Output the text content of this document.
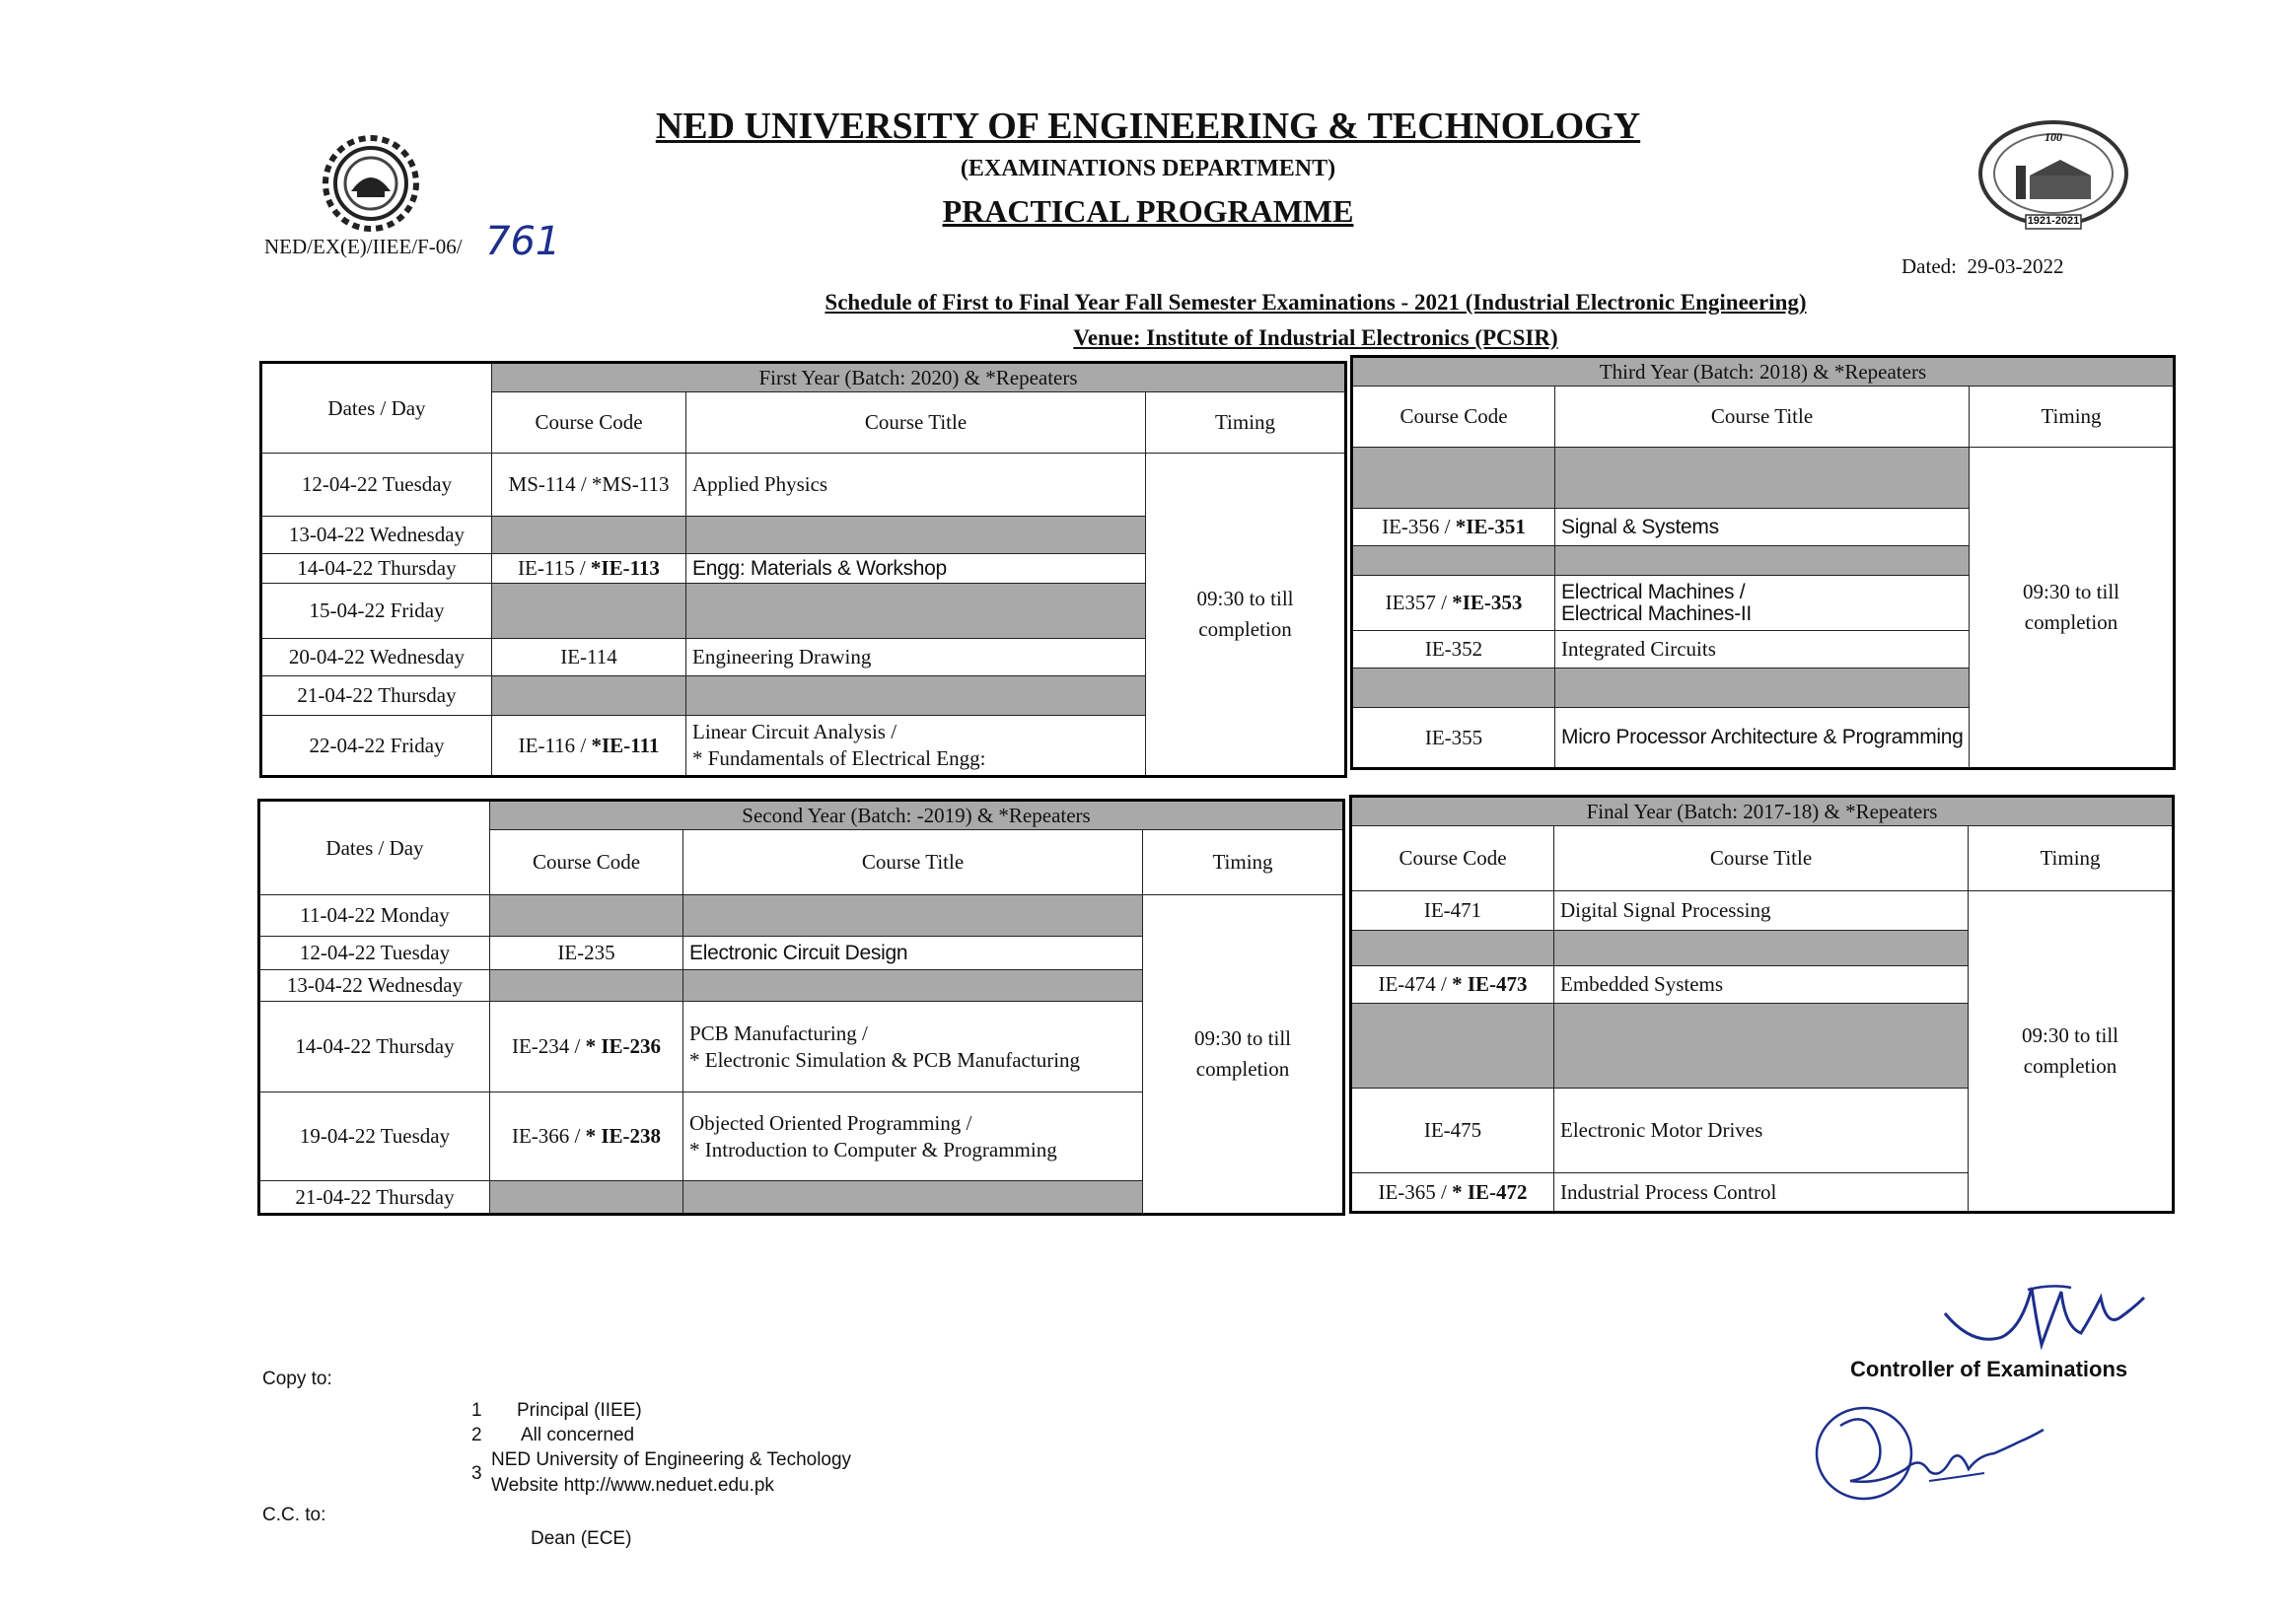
NED UNIVERSITY OF ENGINEERING & TECHNOLOGY
(EXAMINATIONS DEPARTMENT)
PRACTICAL PROGRAMME
NED/EX(E)/IIEE/F-06/ 761	1921-2021
100
Dated: 29-03-2022
Schedule of First to Final Year Fall Semester Examinations - 2021 (Industrial Electronic Engineering)
Venue: Institute of Industrial Electronics (PCSIR)
Dates / Day	First Year (Batch: 2020) & *Repeaters		
	Course Code	Course Title	Timing
12-04-22 Tuesday	MS-114 / *MS-113	Applied Physics	09:30 to till
completion
13-04-22 Wednesday			
14-04-22 Thursday	IE-115 / *IE-113	Engg: Materials & Workshop	
15-04-22 Friday			
20-04-22 Wednesday	IE-114	Engineering Drawing	
21-04-22 Thursday			
22-04-22 Friday	IE-116 / *IE-111	Linear Circuit Analysis /
* Fundamentals of Electrical Engg:	
Third Year (Batch: 2018) & *Repeaters		
Course Code	Course Title	Timing
		09:30 to till
completion
IE-356 / *IE-351	Signal & Systems	

IE357 / *IE-353	Electrical Machines /
Electrical Machines-II	
IE-352	Integrated Circuits	

IE-355	Micro Processor Architecture & Programming	
Dates / Day	Second Year (Batch: -2019) & *Repeaters		
	Course Code	Course Title	Timing
11-04-22 Monday			09:30 to till
completion
12-04-22 Tuesday	IE-235	Electronic Circuit Design	
13-04-22 Wednesday			
14-04-22 Thursday	IE-234 / * IE-236	PCB Manufacturing /
* Electronic Simulation & PCB Manufacturing	
19-04-22 Tuesday	IE-366 / * IE-238	Objected Oriented Programming /
* Introduction to Computer & Programming	
21-04-22 Thursday			
Final Year (Batch: 2017-18) & *Repeaters		
Course Code	Course Title	Timing
IE-471	Digital Signal Processing	09:30 to till
completion

IE-474 / * IE-473	Embedded Systems	

IE-475	Electronic Motor Drives	
IE-365 / * IE-472	Industrial Process Control	
Copy to:
1 Principal (IIEE)
2 All concerned
3
NED University of Engineering & Techology
Website http://www.neduet.edu.pk
C.C. to:
Dean (ECE)
Controller of Examinations
